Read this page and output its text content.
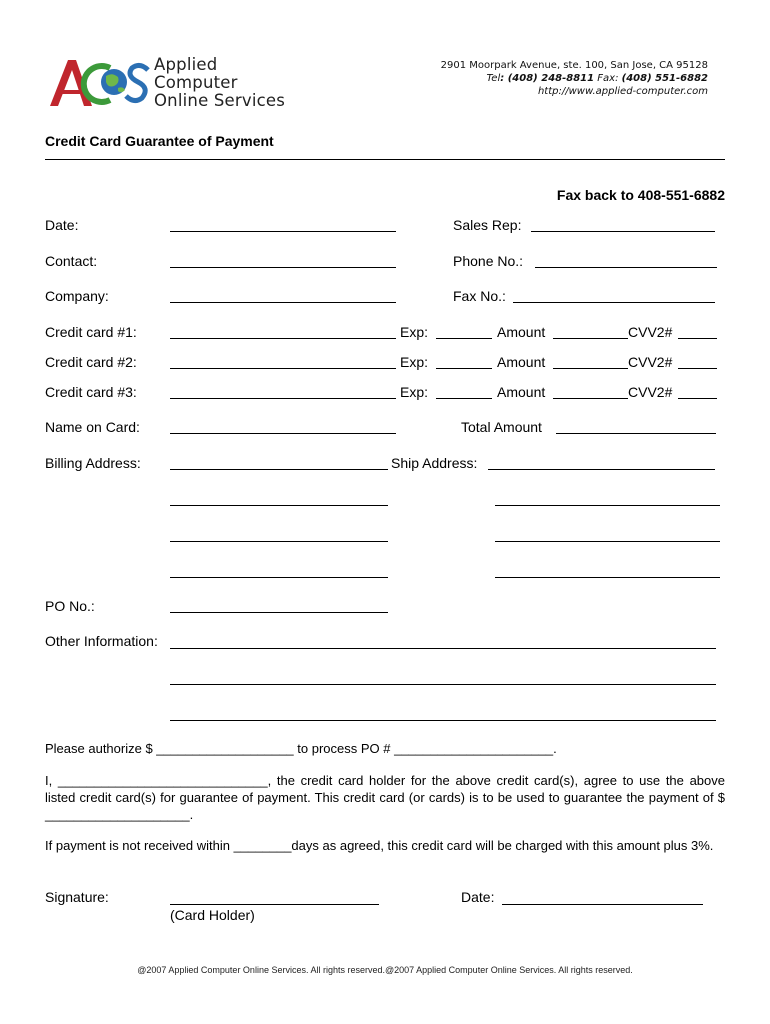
Applied
Computer
Online Services
2901 Moorpark Avenue, ste. 100, San Jose, CA 95128
Tel: (408) 248-8811 Fax: (408) 551-6882
http://www.applied-computer.com
Credit Card Guarantee of Payment
Fax back to 408-551-6882
Date:	Sales Rep:
Contact:	Phone No.:
Company:	Fax No.:
Credit card #1:	Exp:	Amount	CVV2#
Credit card #2:	Exp:	Amount	CVV2#
Credit card #3:	Exp:	Amount	CVV2#
Name on Card:	Total Amount
Billing Address:	Ship Address:
PO No.:
Other Information:
Please authorize $ ___________________ to process PO # ______________________.
I, _____________________________, the credit card holder for the above credit card(s), agree to use the above listed credit card(s) for guarantee of payment. This credit card (or cards) is to be used to guarantee the payment of $ ____________________.
If payment is not received within ________days as agreed, this credit card will be charged with this amount plus 3%.
Signature:
(Card Holder)
Date:
@2007 Applied Computer Online Services. All rights reserved.@2007 Applied Computer Online Services. All rights reserved.
